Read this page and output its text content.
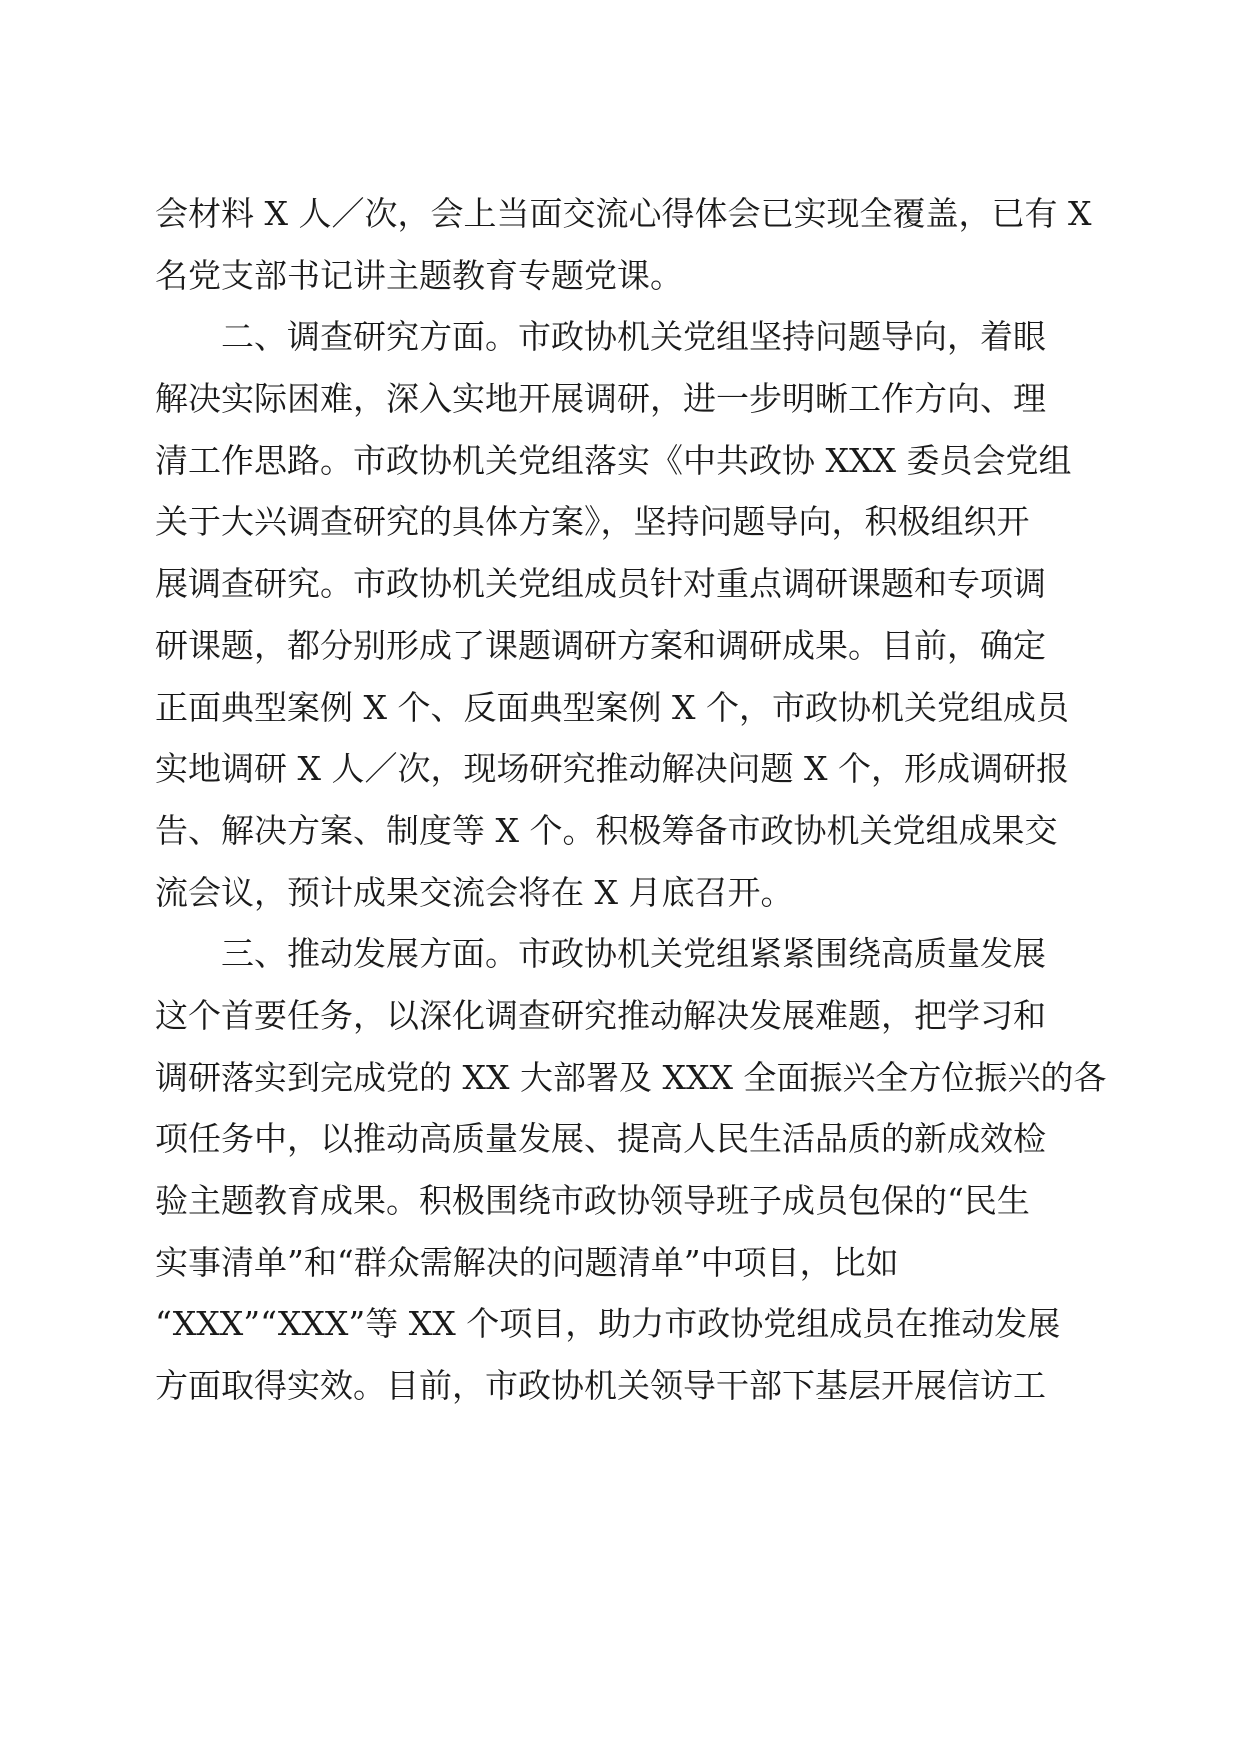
会材料 X 人／次，会上当面交流心得体会已实现全覆盖，已有 X
名党支部书记讲主题教育专题党课。
二、调查研究方面。市政协机关党组坚持问题导向，着眼
解决实际困难，深入实地开展调研，进一步明晰工作方向、理
清工作思路。市政协机关党组落实《中共政协 XXX 委员会党组
关于大兴调查研究的具体方案》，坚持问题导向，积极组织开
展调查研究。市政协机关党组成员针对重点调研课题和专项调
研课题，都分别形成了课题调研方案和调研成果。目前，确定
正面典型案例 X 个、反面典型案例 X 个，市政协机关党组成员
实地调研 X 人／次，现场研究推动解决问题 X 个，形成调研报
告、解决方案、制度等 X 个。积极筹备市政协机关党组成果交
流会议，预计成果交流会将在 X 月底召开。
三、推动发展方面。市政协机关党组紧紧围绕高质量发展
这个首要任务，以深化调查研究推动解决发展难题，把学习和
调研落实到完成党的 XX 大部署及 XXX 全面振兴全方位振兴的各
项任务中，以推动高质量发展、提高人民生活品质的新成效检
验主题教育成果。积极围绕市政协领导班子成员包保的“民生
实事清单”和“群众需解决的问题清单”中项目，比如
“XXX”“XXX”等 XX 个项目，助力市政协党组成员在推动发展
方面取得实效。目前，市政协机关领导干部下基层开展信访工
